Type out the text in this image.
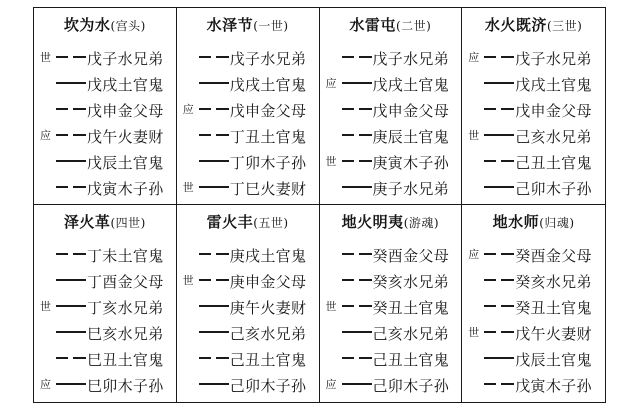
坎为水(宫头)
世 戊子水兄弟
戊戌土官鬼
戊申金父母
应 戊午火妻财
戊辰土官鬼
戊寅木子孙
水泽节(一世)
戊子水兄弟
戊戌土官鬼
应 戊申金父母
丁丑土官鬼
丁卯木子孙
世 丁巳火妻财
水雷屯(二世)
戊子水兄弟
应 戊戌土官鬼
戊申金父母
庚辰土官鬼
世 庚寅木子孙
庚子水兄弟
水火既济(三世)
应 戊子水兄弟
戊戌土官鬼
戊申金父母
世 己亥水兄弟
己丑土官鬼
己卯木子孙
泽火革(四世)
丁未土官鬼
丁酉金父母
世 丁亥水兄弟
巳亥水兄弟
巳丑土官鬼
应 巳卯木子孙
雷火丰(五世)
庚戌土官鬼
世 庚申金父母
庚午火妻财
己亥水兄弟
己丑土官鬼
己卯木子孙
地火明夷(游魂)
癸酉金父母
癸亥水兄弟
世 癸丑土官鬼
己亥水兄弟
己丑土官鬼
应 己卯木子孙
地水师(归魂)
应 癸酉金父母
癸亥水兄弟
癸丑土官鬼
世 戊午火妻财
戊辰土官鬼
戊寅木子孙
